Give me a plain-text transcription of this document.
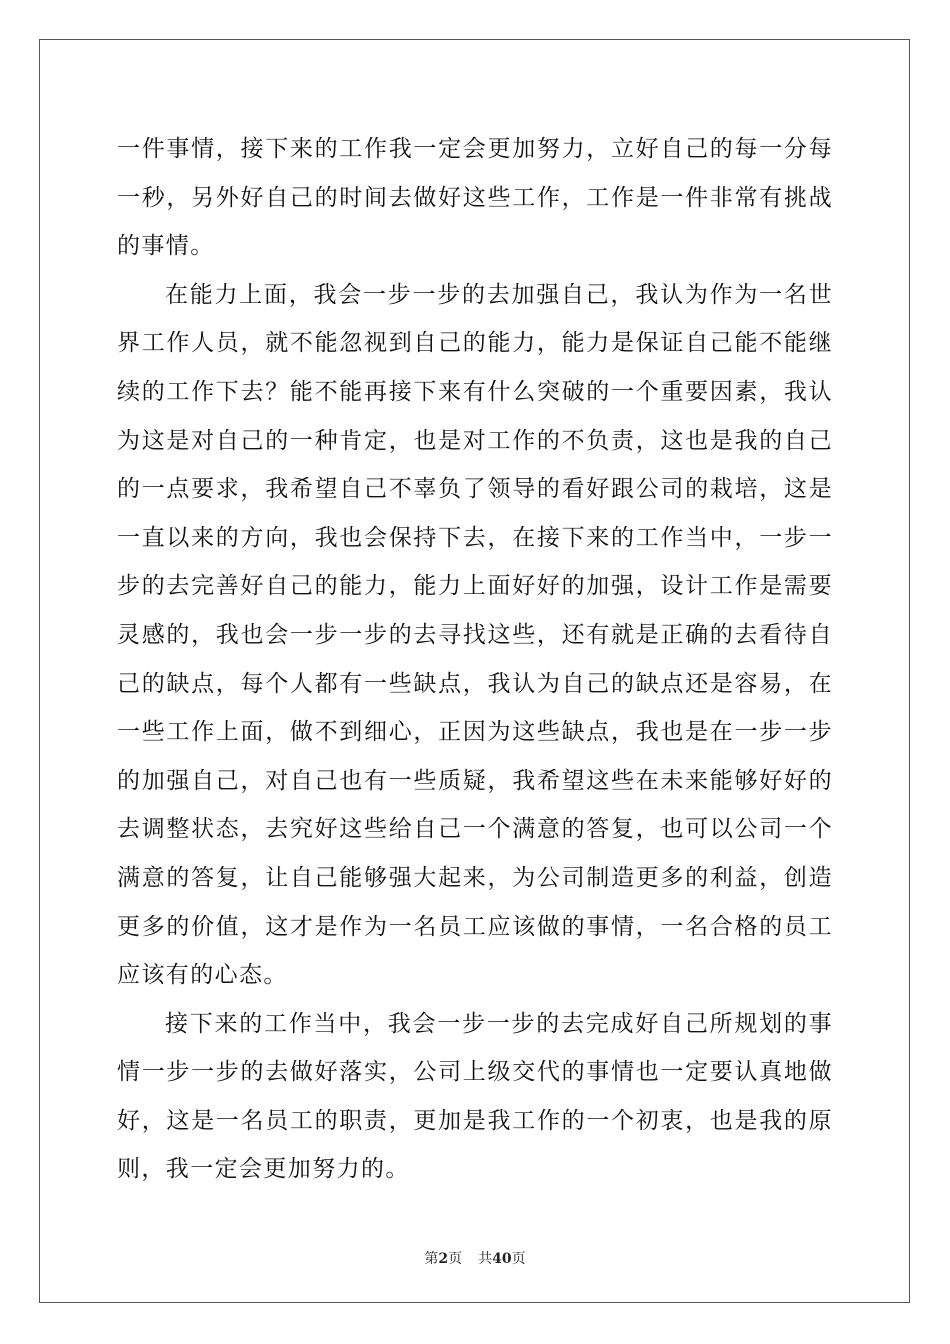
一件事情，接下来的工作我一定会更加努力，立好自己的每一分每一秒，另外好自己的时间去做好这些工作，工作是一件非常有挑战的事情。

在能力上面，我会一步一步的去加强自己，我认为作为一名世界工作人员，就不能忽视到自己的能力，能力是保证自己能不能继续的工作下去？能不能再接下来有什么突破的一个重要因素，我认为这是对自己的一种肯定，也是对工作的不负责，这也是我的自己的一点要求，我希望自己不辜负了领导的看好跟公司的栽培，这是一直以来的方向，我也会保持下去，在接下来的工作当中，一步一步的去完善好自己的能力，能力上面好好的加强，设计工作是需要灵感的，我也会一步一步的去寻找这些，还有就是正确的去看待自己的缺点，每个人都有一些缺点，我认为自己的缺点还是容易，在一些工作上面，做不到细心，正因为这些缺点，我也是在一步一步的加强自己，对自己也有一些质疑，我希望这些在未来能够好好的去调整状态，去究好这些给自己一个满意的答复，也可以公司一个满意的答复，让自己能够强大起来，为公司制造更多的利益，创造更多的价值，这才是作为一名员工应该做的事情，一名合格的员工应该有的心态。

接下来的工作当中，我会一步一步的去完成好自己所规划的事情一步一步的去做好落实，公司上级交代的事情也一定要认真地做好，这是一名员工的职责，更加是我工作的一个初衷，也是我的原则，我一定会更加努力的。

第2页 共40页
